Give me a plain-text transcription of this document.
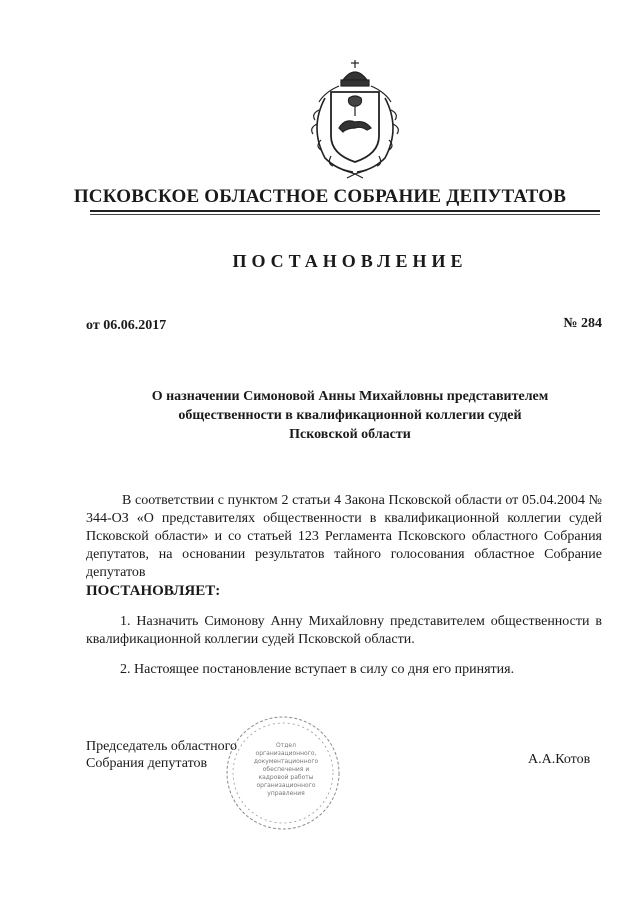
ПСКОВСКОЕ ОБЛАСТНОЕ СОБРАНИЕ ДЕПУТАТОВ
ПОСТАНОВЛЕНИЕ
от 06.06.2017	№ 284
О назначении Симоновой Анны Михайловны представителем
общественности в квалификационной коллегии судей
Псковской области
В соответствии с пунктом 2 статьи 4 Закона Псковской области от 05.04.2004 № 344-ОЗ «О представителях общественности в квалификационной коллегии судей Псковской области» и со статьей 123 Регламента Псковского областного Собрания депутатов, на основании результатов тайного голосования областное Собрание депутатов
ПОСТАНОВЛЯЕТ:
1. Назначить Симонову Анну Михайловну представителем общественности в квалификационной коллегии судей Псковской области.
2. Настоящее постановление вступает в силу со дня его принятия.
Отдел организационного, документационного обеспечения и кадровой работы организационного управления
Председатель областного
Собрания депутатов	А.А.Котов
